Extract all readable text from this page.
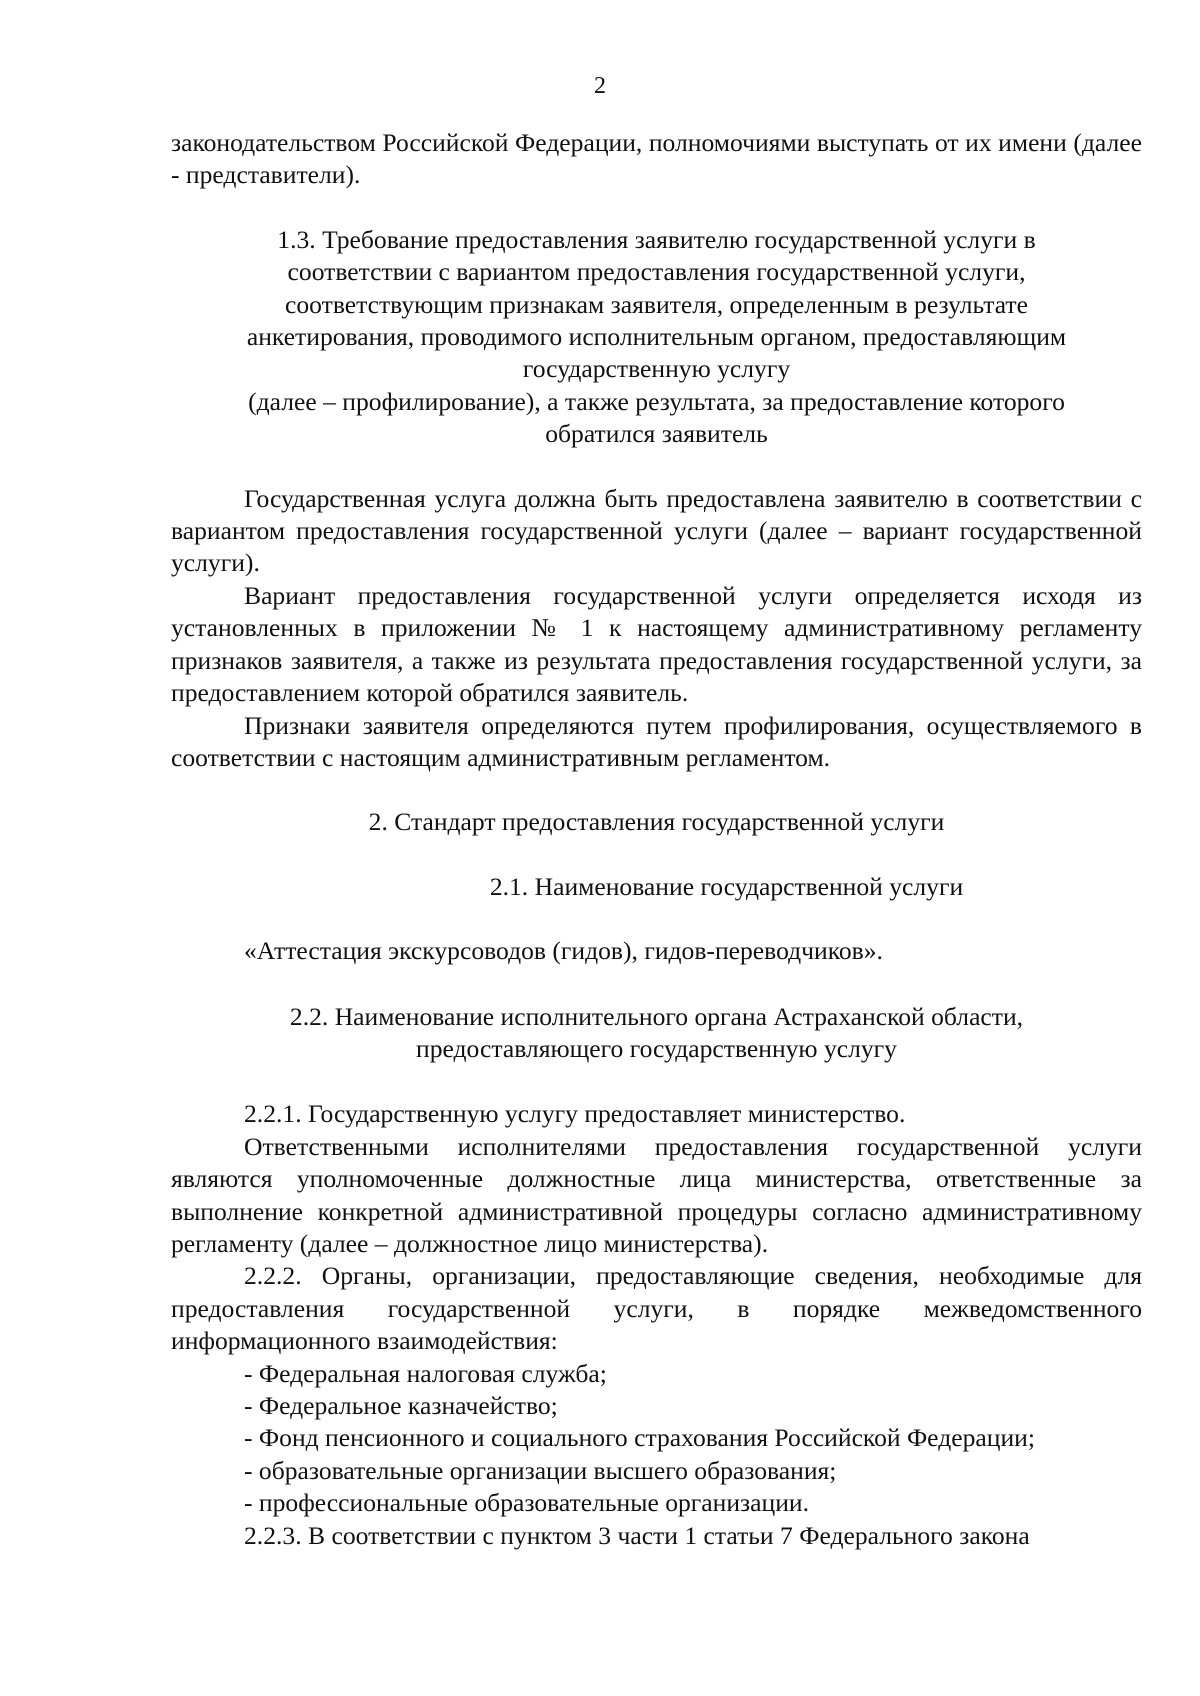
2

законодательством Российской Федерации, полномочиями выступать от их имени (далее - представители).

1.3. Требование предоставления заявителю государственной услуги в
соответствии с вариантом предоставления государственной услуги,
соответствующим признакам заявителя, определенным в результате
анкетирования, проводимого исполнительным органом, предоставляющим
государственную услугу
(далее – профилирование), а также результата, за предоставление которого
обратился заявитель

Государственная услуга должна быть предоставлена заявителю в соответствии с вариантом предоставления государственной услуги (далее – вариант государственной услуги).

Вариант предоставления государственной услуги определяется исходя из установленных в приложении № 1 к настоящему административному регламенту признаков заявителя, а также из результата предоставления государственной услуги, за предоставлением которой обратился заявитель.

Признаки заявителя определяются путем профилирования, осуществляемого в соответствии с настоящим административным регламентом.

2. Стандарт предоставления государственной услуги

2.1. Наименование государственной услуги

«Аттестация экскурсоводов (гидов), гидов-переводчиков».

2.2. Наименование исполнительного органа Астраханской области,
предоставляющего государственную услугу

2.2.1. Государственную услугу предоставляет министерство.

Ответственными исполнителями предоставления государственной услуги являются уполномоченные должностные лица министерства, ответственные за выполнение конкретной административной процедуры согласно административному регламенту (далее – должностное лицо министерства).

2.2.2. Органы, организации, предоставляющие сведения, необходимые для предоставления государственной услуги, в порядке межведомственного информационного взаимодействия:

- Федеральная налоговая служба;

- Федеральное казначейство;

- Фонд пенсионного и социального страхования Российской Федерации;

- образовательные организации высшего образования;

- профессиональные образовательные организации.

2.2.3. В соответствии с пунктом 3 части 1 статьи 7 Федерального закона
